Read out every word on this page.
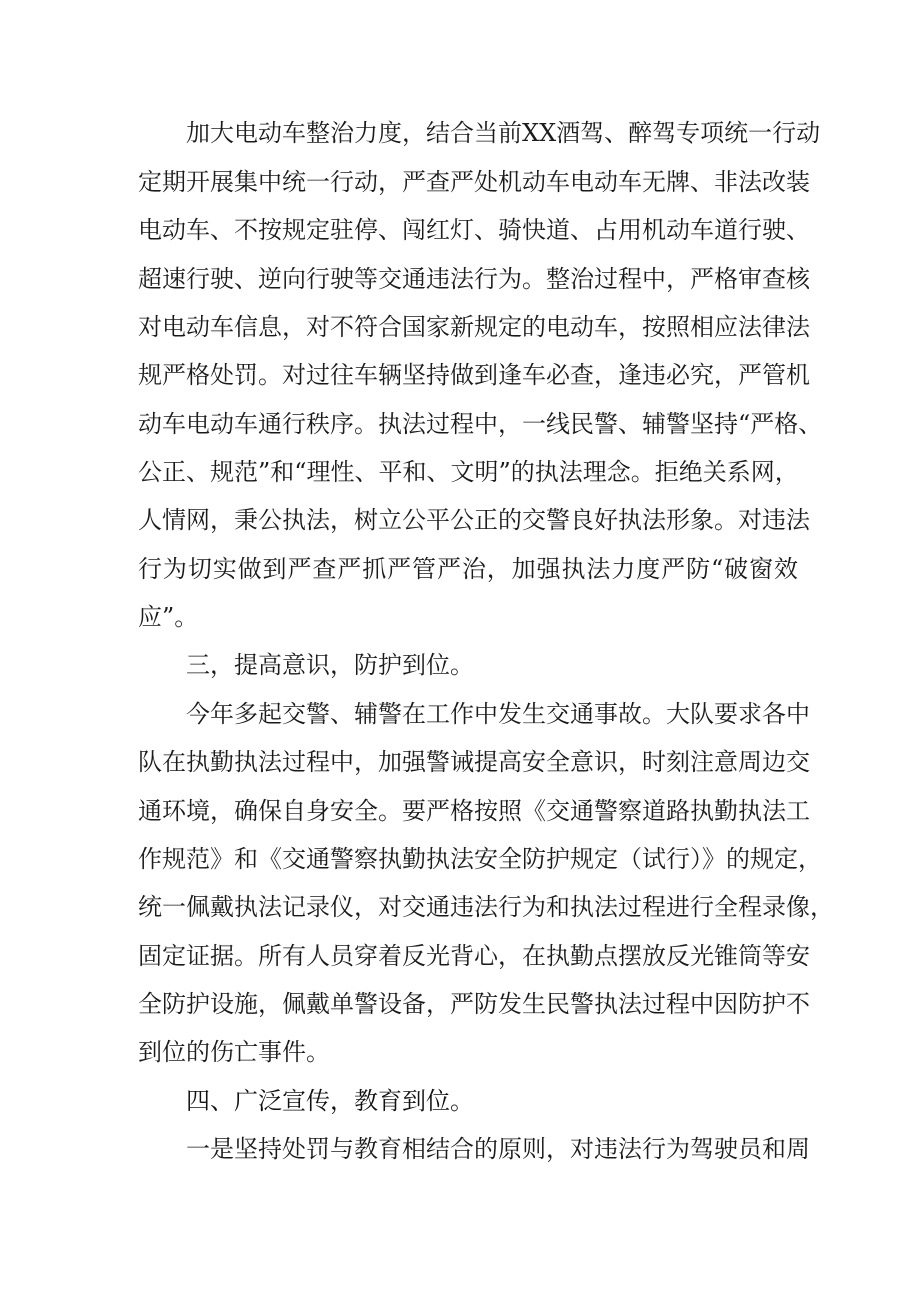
加大电动车整治力度，结合当前XX酒驾、醉驾专项统一行动
定期开展集中统一行动，严查严处机动车电动车无牌、非法改装
电动车、不按规定驻停、闯红灯、骑快道、占用机动车道行驶、
超速行驶、逆向行驶等交通违法行为。整治过程中，严格审查核
对电动车信息，对不符合国家新规定的电动车，按照相应法律法
规严格处罚。对过往车辆坚持做到逢车必查，逢违必究，严管机
动车电动车通行秩序。执法过程中，一线民警、辅警坚持“严格、
公正、规范”和“理性、平和、文明”的执法理念。拒绝关系网，
人情网，秉公执法，树立公平公正的交警良好执法形象。对违法
行为切实做到严查严抓严管严治，加强执法力度严防“破窗效
应”。
三，提高意识，防护到位。
今年多起交警、辅警在工作中发生交通事故。大队要求各中
队在执勤执法过程中，加强警诫提高安全意识，时刻注意周边交
通环境，确保自身安全。要严格按照《交通警察道路执勤执法工
作规范》和《交通警察执勤执法安全防护规定（试行）》的规定，
统一佩戴执法记录仪，对交通违法行为和执法过程进行全程录像，
固定证据。所有人员穿着反光背心，在执勤点摆放反光锥筒等安
全防护设施，佩戴单警设备，严防发生民警执法过程中因防护不
到位的伤亡事件。
四、广泛宣传，教育到位。
一是坚持处罚与教育相结合的原则，对违法行为驾驶员和周
